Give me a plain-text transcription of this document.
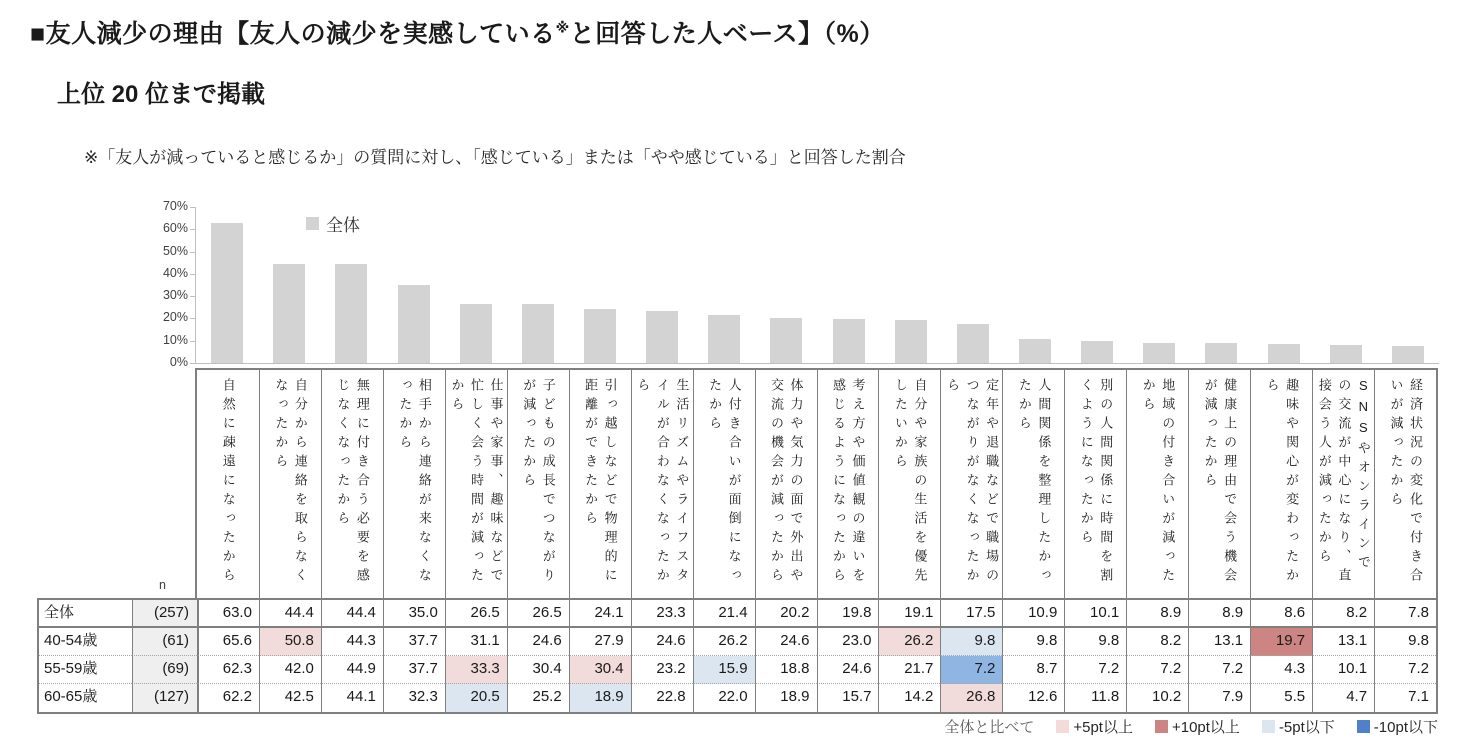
■友人減少の理由【友人の減少を実感している※と回答した人ベース】（%）
上位 20 位まで掲載
※「友人が減っていると感じるか」の質問に対し、「感じている」または「やや感じている」と回答した割合
0%
10%
20%
30%
40%
50%
60%
70%
全体
自然に疎遠になったから	自分から連絡を取らなくなったから	無理に付き合う必要を感じなくなったから	相手から連絡が来なくなったから	仕事や家事、趣味などで忙しく会う時間が減ったから	子どもの成長でつながりが減ったから	引っ越しなどで物理的に距離ができたから	生活リズムやライフスタイルが合わなくなったから	人付き合いが面倒になったから	体力や気力の面で外出や交流の機会が減ったから	考え方や価値観の違いを感じるようになったから	自分や家族の生活を優先したいから	定年や退職などで職場のつながりがなくなったから	人間関係を整理したかったから	別の人間関係に時間を割くようになったから	地域の付き合いが減ったから	健康上の理由で会う機会が減ったから	趣味や関心が変わったから	SNSやオンラインでの交流が中心になり、直接会う人が減ったから	経済状況の変化で付き合いが減ったから
n
全体	(257)	63.0	44.4	44.4	35.0	26.5	26.5	24.1	23.3	21.4	20.2	19.8	19.1	17.5	10.9	10.1	8.9	8.9	8.6	8.2	7.8
40-54歳	(61)	65.6	50.8	44.3	37.7	31.1	24.6	27.9	24.6	26.2	24.6	23.0	26.2	9.8	9.8	9.8	8.2	13.1	19.7	13.1	9.8
55-59歳	(69)	62.3	42.0	44.9	37.7	33.3	30.4	30.4	23.2	15.9	18.8	24.6	21.7	7.2	8.7	7.2	7.2	7.2	4.3	10.1	7.2
60-65歳	(127)	62.2	42.5	44.1	32.3	20.5	25.2	18.9	22.8	22.0	18.9	15.7	14.2	26.8	12.6	11.8	10.2	7.9	5.5	4.7	7.1
全体と比べて	+5pt以上	+10pt以上	-5pt以下	-10pt以下
